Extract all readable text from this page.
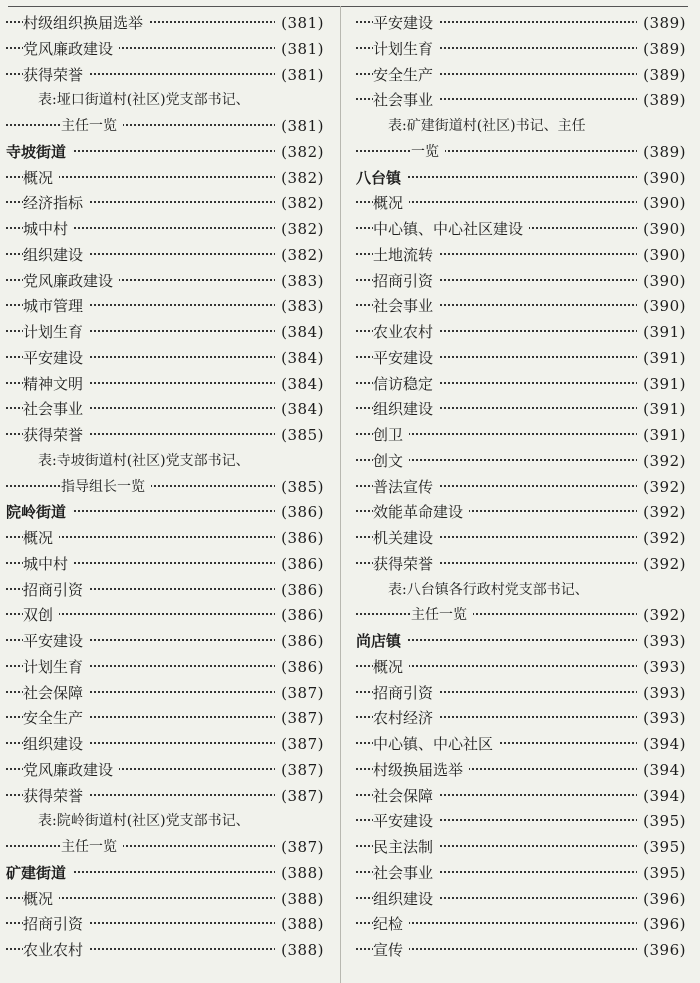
村级组织换届选举	(381)
党风廉政建设	(381)
获得荣誉	(381)
表:垭口街道村(社区)党支部书记、
主任一览	(381)
寺坡街道	(382)
概况	(382)
经济指标	(382)
城中村	(382)
组织建设	(382)
党风廉政建设	(383)
城市管理	(383)
计划生育	(384)
平安建设	(384)
精神文明	(384)
社会事业	(384)
获得荣誉	(385)
表:寺坡街道村(社区)党支部书记、
指导组长一览	(385)
院岭街道	(386)
概况	(386)
城中村	(386)
招商引资	(386)
双创	(386)
平安建设	(386)
计划生育	(386)
社会保障	(387)
安全生产	(387)
组织建设	(387)
党风廉政建设	(387)
获得荣誉	(387)
表:院岭街道村(社区)党支部书记、
主任一览	(387)
矿建街道	(388)
概况	(388)
招商引资	(388)
农业农村	(388)
平安建设	(389)
计划生育	(389)
安全生产	(389)
社会事业	(389)
表:矿建街道村(社区)书记、主任
一览	(389)
八台镇	(390)
概况	(390)
中心镇、中心社区建设	(390)
土地流转	(390)
招商引资	(390)
社会事业	(390)
农业农村	(391)
平安建设	(391)
信访稳定	(391)
组织建设	(391)
创卫	(391)
创文	(392)
普法宣传	(392)
效能革命建设	(392)
机关建设	(392)
获得荣誉	(392)
表:八台镇各行政村党支部书记、
主任一览	(392)
尚店镇	(393)
概况	(393)
招商引资	(393)
农村经济	(393)
中心镇、中心社区	(394)
村级换届选举	(394)
社会保障	(394)
平安建设	(395)
民主法制	(395)
社会事业	(395)
组织建设	(396)
纪检	(396)
宣传	(396)
